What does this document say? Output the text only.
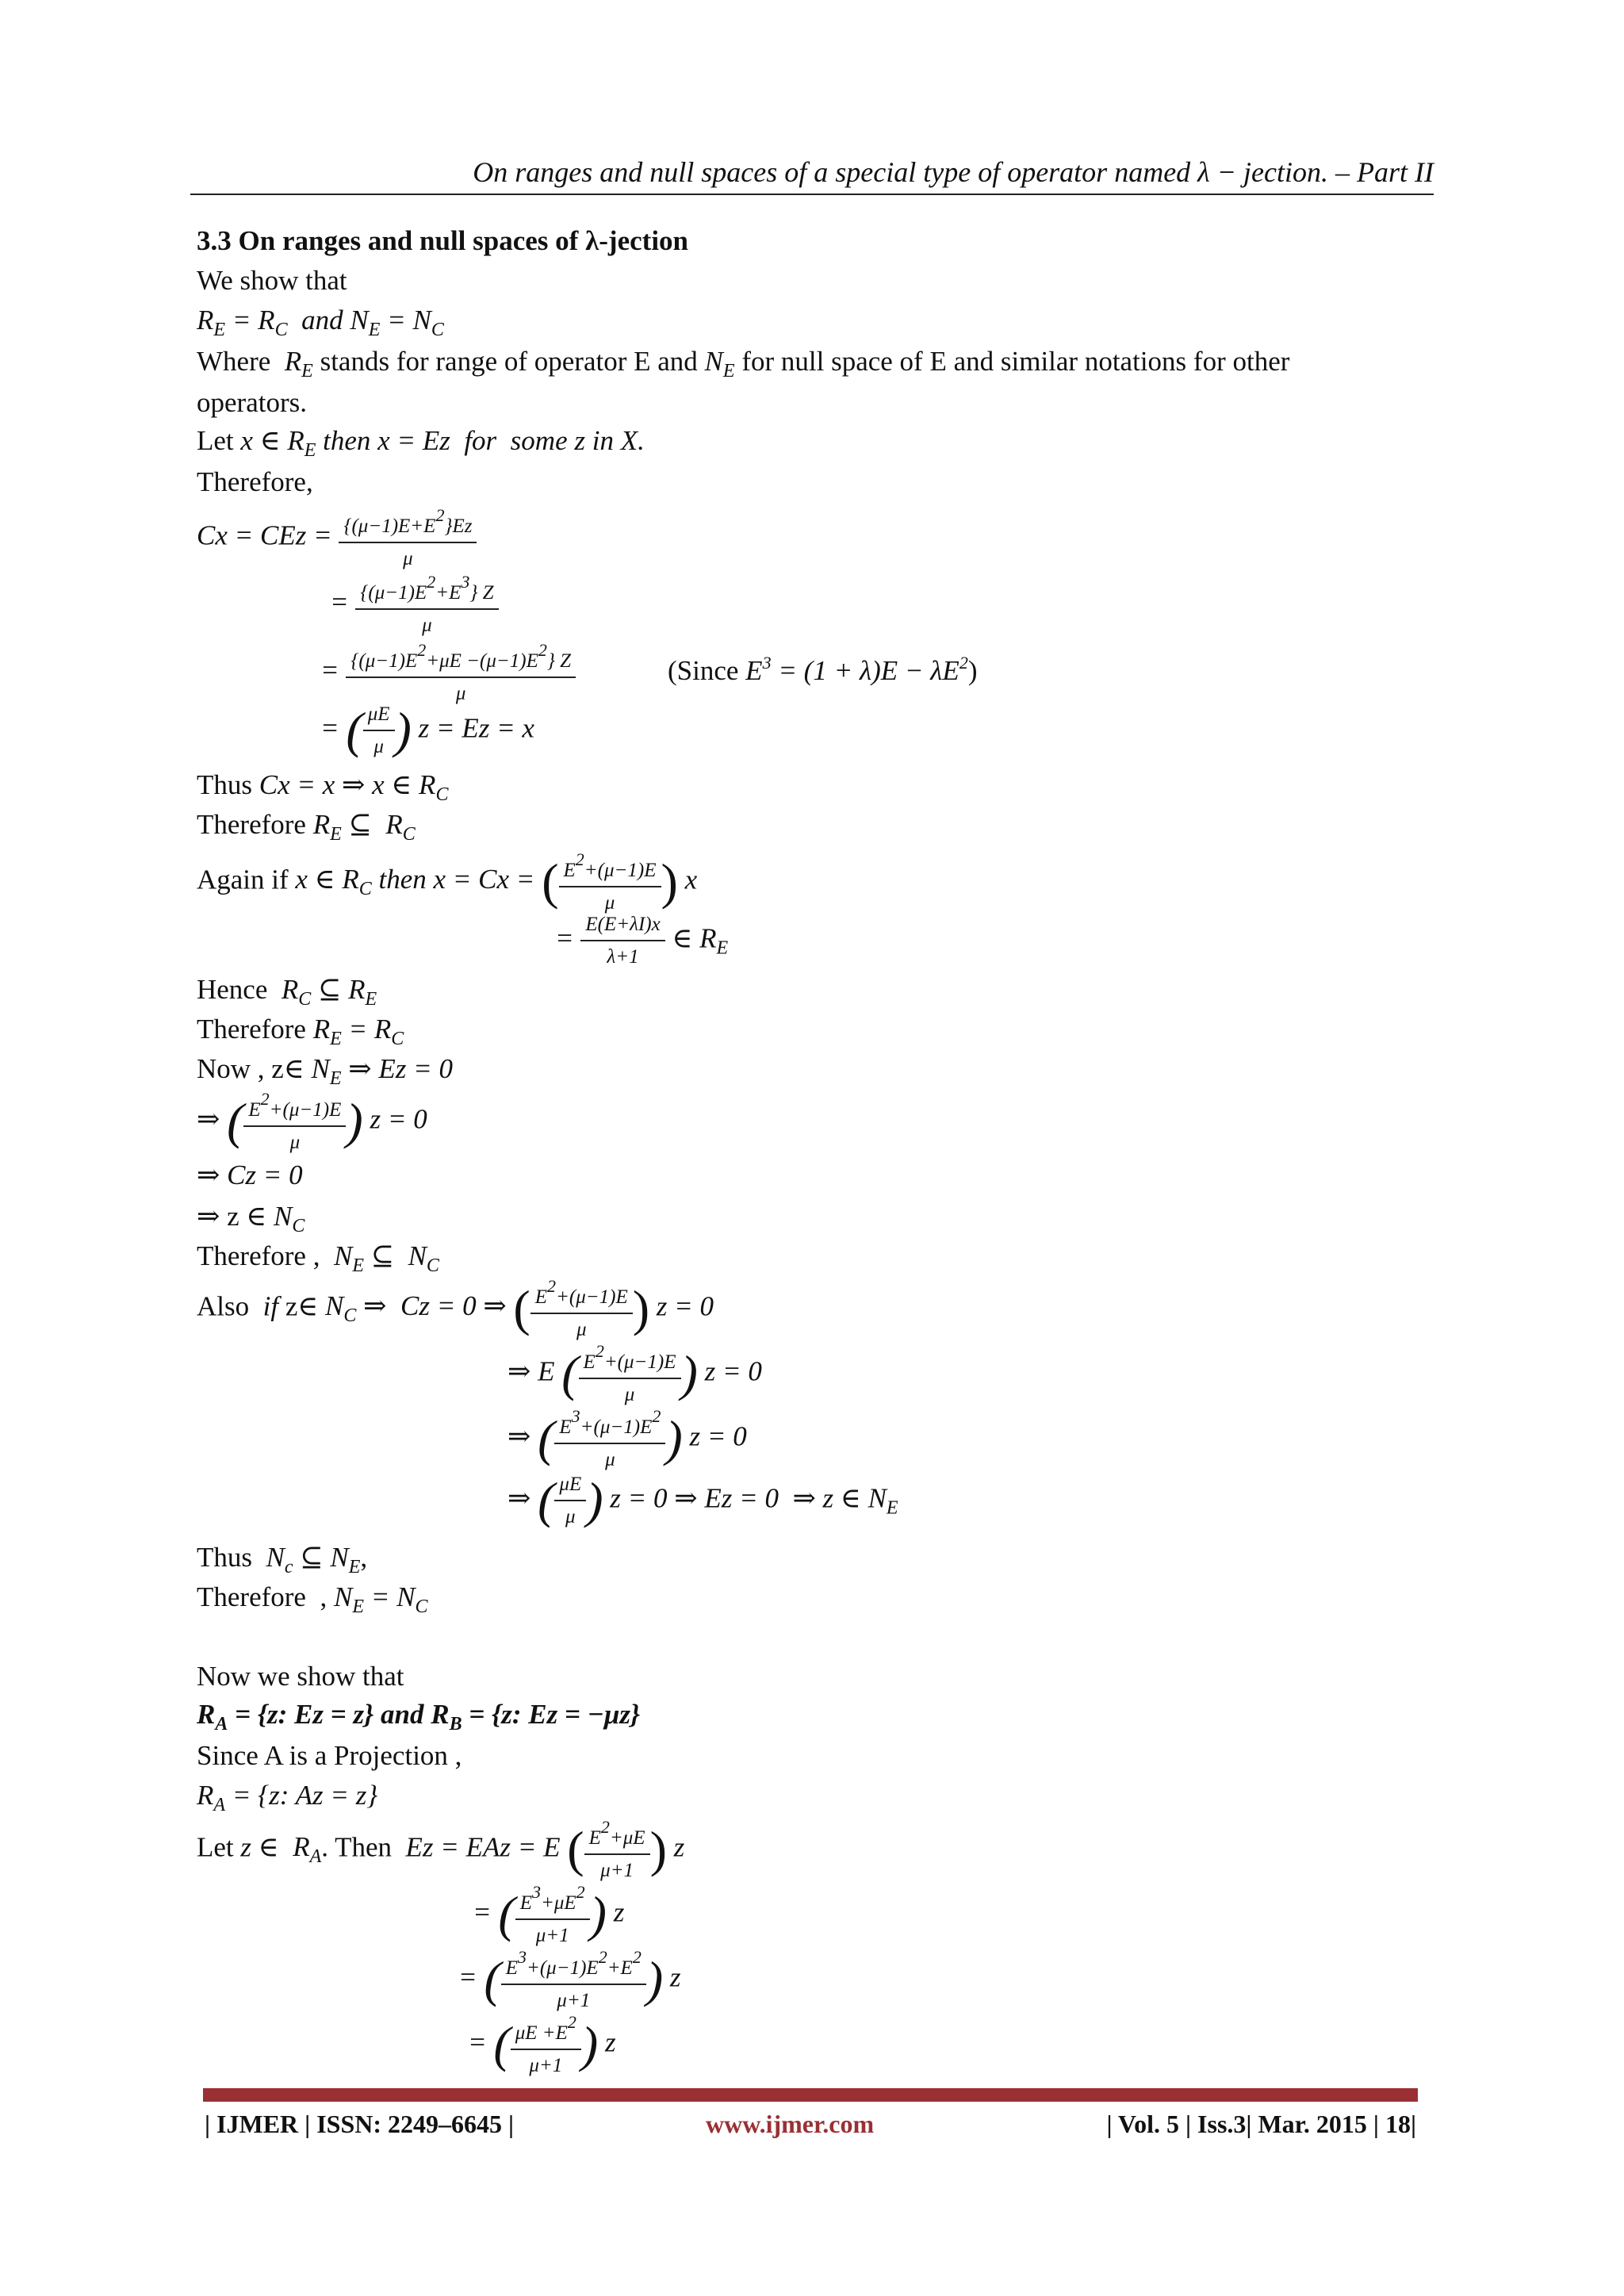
On ranges and null spaces of a special type of operator named λ − jection. – Part II
3.3 On ranges and null spaces of λ-jection
We show that
$R_E = R_C$  and $N_E = N_C$
Where  $R_E$ stands for range of operator E and $N_E$ for null space of E and similar notations for other
operators.
Let x ∈ $R_E$ then x = Ez  for  some z in X.
Therefore,
Cx = CEz = $\frac{\{(\mu-1)E+E2\}Ez}{\mu}$
= $\frac{\{(\mu-1)E2+E3\} Z}{\mu}$
= $\frac{\{(\mu-1)E2+\mu E -(\mu-1)E2\} Z}{\mu}$	(Since $E^3 = (1 + \lambda)E - \lambda E^2$)
= ( $\frac{\mu E}{\mu}$ ) z = Ez = x
Thus Cx = x ⇒ x ∈ $R_C$
Therefore $R_E$ ⊆  $R_C$
Again if x ∈ $R_C$ then x = Cx = ( $\frac{E2+(\mu-1)E}{\mu}$ ) x
= $\frac{E(E+\lambda I)x}{\lambda+1}$ ∈ $R_E$
Hence  $R_C$ ⊆ $R_E$
Therefore $R_E = R_C$
Now , z∈ $N_E$ ⇒ Ez = 0
⇒ ( $\frac{E2+(\mu-1)E}{\mu}$ ) z = 0
⇒ Cz = 0
⇒ z ∈ $N_C$
Therefore ,  $N_E$ ⊆  $N_C$
Also  if z∈ $N_C$ ⇒  Cz = 0 ⇒ ( $\frac{E2+(\mu-1)E}{\mu}$ ) z = 0
⇒ E ( $\frac{E2+(\mu-1)E}{\mu}$ ) z = 0
⇒ ( $\frac{E3+(\mu-1)E2}{\mu}$ ) z = 0
⇒ ( $\frac{\mu E}{\mu}$ ) z = 0 ⇒ Ez = 0  ⇒ z ∈ $N_E$
Thus  $N_c$ ⊆ $N_E$,
Therefore  , $N_E = N_C$
Now we show that
$R_A = \{z$: Ez = z} and $R_B = \{z$: Ez = −μz}
Since A is a Projection ,
$R_A = \{z$: Az = z}
Let z ∈  $R_A$. Then  Ez = EAz = E ( $\frac{E2+\mu E}{\mu+1}$ ) z
= ( $\frac{E3+\mu E2}{\mu+1}$ ) z
= ( $\frac{E3+(\mu-1)E2+E2}{\mu+1}$ ) z
= ( $\frac{\mu E +E2}{\mu+1}$ ) z
| IJMER | ISSN: 2249–6645 |	www.ijmer.com	| Vol. 5 | Iss.3| Mar. 2015 | 18|
